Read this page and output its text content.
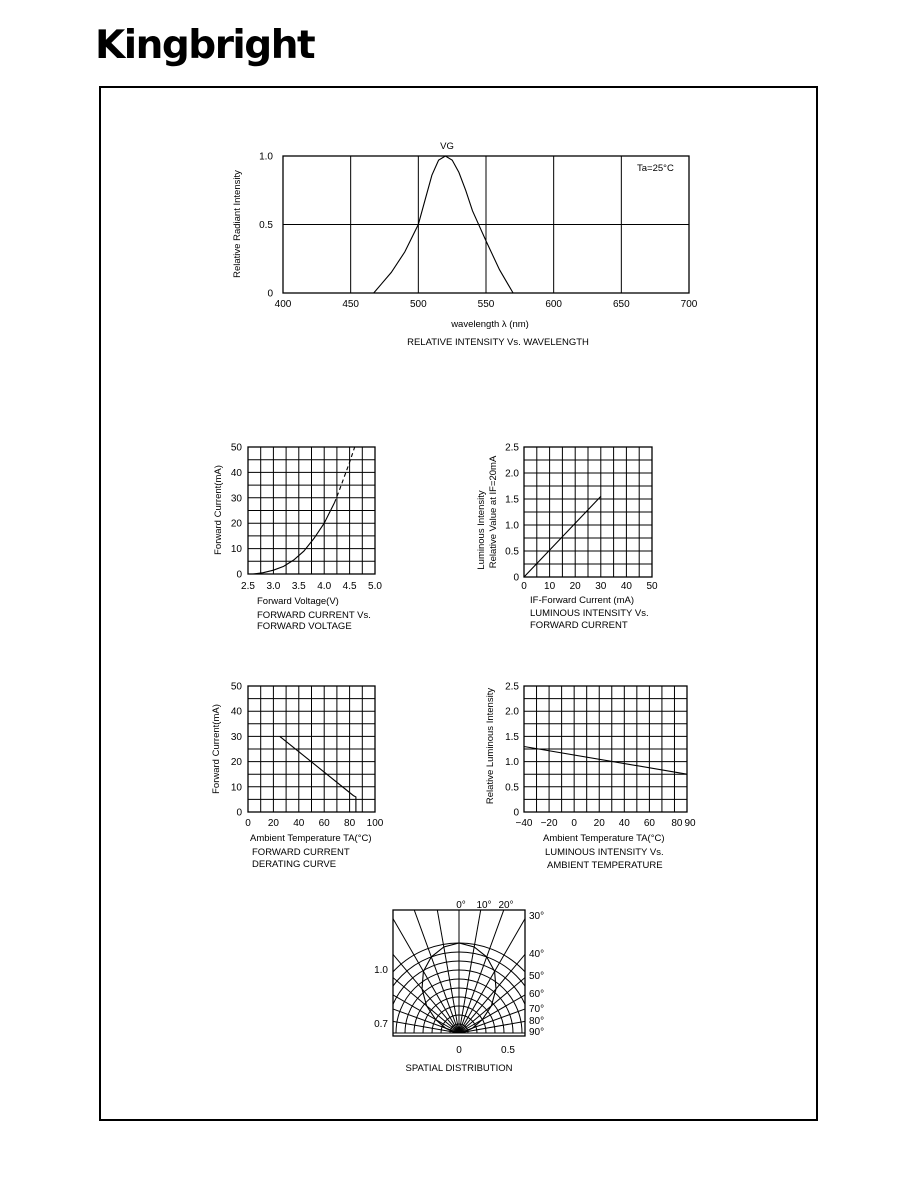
Kingbright
400	450	500	550	600	650	700
0
0.5
1.0
VG
Ta=25°C
Relative Radiant Intensity
wavelength λ (nm)
RELATIVE INTENSITY Vs. WAVELENGTH
2.5 3.0 3.5 4.0 4.5 5.0
0
10
20
30
40
50
Forward Current(mA)
Forward Voltage(V)
FORWARD CURRENT Vs.
FORWARD VOLTAGE
0 10 20 30 40 50
0
0.5
1.0
1.5
2.0
2.5
Luminous Intensity Relative Value at IF=20mA
IF-Forward Current (mA)
LUMINOUS INTENSITY Vs.
FORWARD CURRENT
0 20 40 60 80 100
0
10
20
30
40
50
Forward Current(mA)
Ambient Temperature TA(°C)
FORWARD CURRENT
DERATING CURVE
−40 −20 0 20 40 60 80 90
0
0.5
1.0
1.5
2.0
2.5
Relative Luminous Intensity
Ambient Temperature TA(°C)
LUMINOUS INTENSITY Vs.
AMBIENT TEMPERATURE
0° 10° 20°
30°
40°
50°
60°
70°
80°
90°
1.0
0.7
0	0.5
SPATIAL DISTRIBUTION
